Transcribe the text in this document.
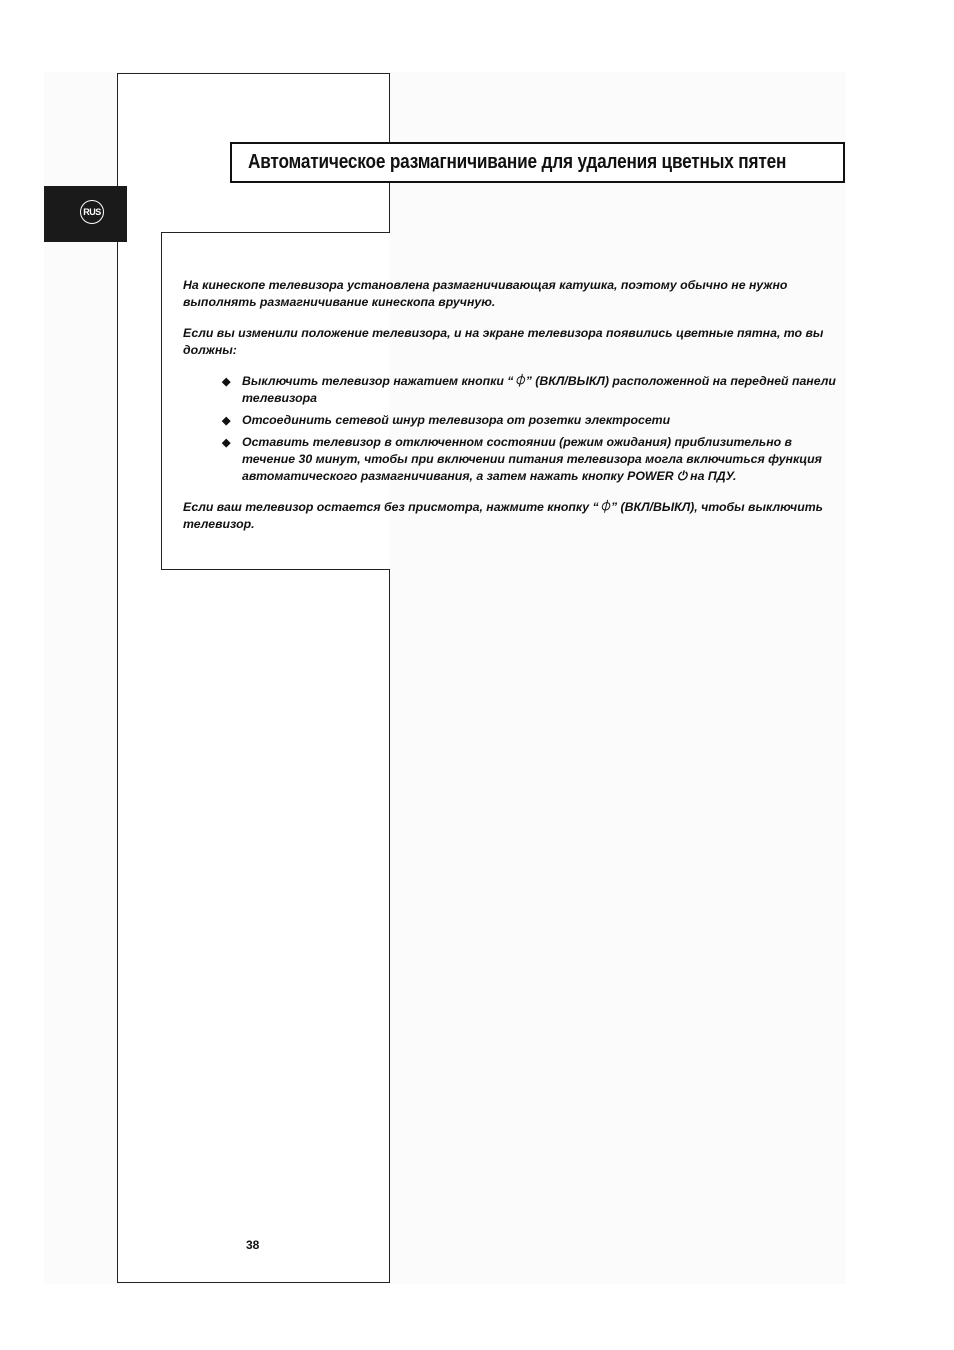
RUS
Автоматическое размагничивание для удаления цветных пятен

На кинескопе телевизора установлена размагничивающая катушка, поэтому обычно не нужно выполнять размагничивание кинескопа вручную.

Если вы изменили положение телевизора, и на экране телевизора появились цветные пятна, то вы должны:

◆ Выключить телевизор нажатием кнопки “⏀” (ВКЛ/ВЫКЛ) расположенной на передней панели телевизора
◆ Отсоединить сетевой шнур телевизора от розетки электросети
◆ Оставить телевизор в отключенном состоянии (режим ожидания) приблизительно в течение 30 минут, чтобы при включении питания телевизора могла включиться функция автоматического размагничивания, а затем нажать кнопку POWER ⏻ на ПДУ.

Если ваш телевизор остается без присмотра, нажмите кнопку “⏀” (ВКЛ/ВЫКЛ), чтобы выключить телевизор.

38
